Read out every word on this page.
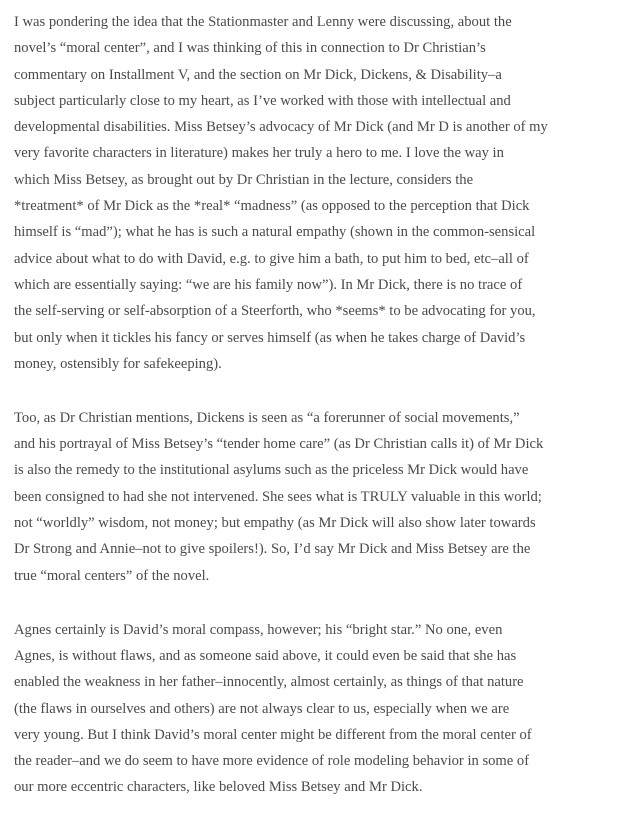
I was pondering the idea that the Stationmaster and Lenny were discussing, about the
novel’s “moral center”, and I was thinking of this in connection to Dr Christian’s
commentary on Installment V, and the section on Mr Dick, Dickens, & Disability–a
subject particularly close to my heart, as I’ve worked with those with intellectual and
developmental disabilities. Miss Betsey’s advocacy of Mr Dick (and Mr D is another of my
very favorite characters in literature) makes her truly a hero to me. I love the way in
which Miss Betsey, as brought out by Dr Christian in the lecture, considers the
*treatment* of Mr Dick as the *real* “madness” (as opposed to the perception that Dick
himself is “mad”); what he has is such a natural empathy (shown in the common-sensical
advice about what to do with David, e.g. to give him a bath, to put him to bed, etc–all of
which are essentially saying: “we are his family now”). In Mr Dick, there is no trace of
the self-serving or self-absorption of a Steerforth, who *seems* to be advocating for you,
but only when it tickles his fancy or serves himself (as when he takes charge of David’s
money, ostensibly for safekeeping).

Too, as Dr Christian mentions, Dickens is seen as “a forerunner of social movements,”
and his portrayal of Miss Betsey’s “tender home care” (as Dr Christian calls it) of Mr Dick
is also the remedy to the institutional asylums such as the priceless Mr Dick would have
been consigned to had she not intervened. She sees what is TRULY valuable in this world;
not “worldly” wisdom, not money; but empathy (as Mr Dick will also show later towards
Dr Strong and Annie–not to give spoilers!). So, I’d say Mr Dick and Miss Betsey are the
true “moral centers” of the novel.

Agnes certainly is David’s moral compass, however; his “bright star.” No one, even
Agnes, is without flaws, and as someone said above, it could even be said that she has
enabled the weakness in her father–innocently, almost certainly, as things of that nature
(the flaws in ourselves and others) are not always clear to us, especially when we are
very young. But I think David’s moral center might be different from the moral center of
the reader–and we do seem to have more evidence of role modeling behavior in some of
our more eccentric characters, like beloved Miss Betsey and Mr Dick.
